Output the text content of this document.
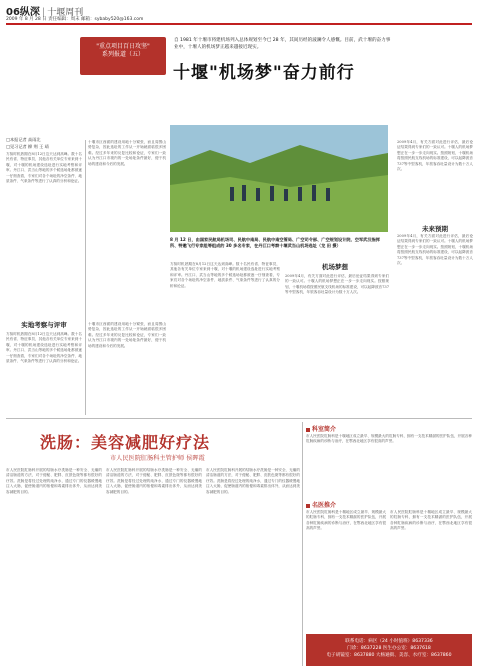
06纵深 | 十堰周刊
2009 年 8 月 28 日 责任编辑：周末 邮箱：sybaby520@163.com
"重点项目百日攻坚"
系列报道（五）
自 1981 年十堰市将建机场列入总体规划至今已 28 年，其间历经的波澜令人感慨。目前，武十堰的奋力事业中，十堰人的机场梦正越来越接近现实。
十堰"机场梦"奋力前行
□本报记者 高雨北
□见习记者 柳 荆 王 靖
方抹时机熟期在8月12日这天达到高峰。数十名民有省、特征事员，其他各有关单位专家来到十堰，对十堰的机场建设选址进行实地考察和评审。丹江口、武当山等地的多个候选场址都被逐一仔细查看，专家们对各个场址的净空条件、地质条件、气象条件等进行了认真的分析和论证。
十堰市区西面的建设用地十分紧张，而且周围山势复杂，因此选址的工作从一开始就面临很多困难。经过多年来的反复比较和论证，专家们一致认为丹江口市境内的一处场址条件最好，便于机场的建设和今后的发展。
8 月 12 日，由国家民航局机场司、民航中南局、民航中南空管局、广空司令部、广空规划设计院、空军武汉指挥所、特邀飞行专家组等组成的 30 多名专家，在丹江口考察十堰武当山机场选址（龙 田 摄）
2009年4月，有关方面对此进行评估，最后论证结果得到专家们的一致认可。十堰人的机场梦想正在一步一步走向现实。按照规划，十堰机场将按照民航支线机场的标准建设，可以起降波音737等中型客机，年旅客吞吐量设计为数十万人次。
未来预期
2009年4月，有关方面对此进行评估，最后论证结果得到专家们的一致认可。十堰人的机场梦想正在一步一步走向现实。按照规划，十堰机场将按照民航支线机场的标准建设，可以起降波音737等中型客机，年旅客吞吐量设计为数十万人次。
实地考察与评审
方抹时机熟期在8月12日这天达到高峰。数十名民有省、特征事员，其他各有关单位专家来到十堰，对十堰的机场建设选址进行实地考察和评审。丹江口、武当山等地的多个候选场址都被逐一仔细查看，专家们对各个场址的净空条件、地质条件、气象条件等进行了认真的分析和论证。
十堰市区西面的建设用地十分紧张，而且周围山势复杂，因此选址的工作从一开始就面临很多困难。经过多年来的反复比较和论证，专家们一致认为丹江口市境内的一处场址条件最好，便于机场的建设和今后的发展。
方抹时机熟期在8月12日这天达到高峰。数十名民有省、特征事员，其他各有关单位专家来到十堰，对十堰的机场建设选址进行实地考察和评审。丹江口、武当山等地的多个候选场址都被逐一仔细查看，专家们对各个场址的净空条件、地质条件、气象条件等进行了认真的分析和论证。
机场梦想
2009年4月，有关方面对此进行评估，最后论证结果得到专家们的一致认可。十堰人的机场梦想正在一步一步走向现实。按照规划，十堰机场将按照民航支线机场的标准建设，可以起降波音737等中型客机，年旅客吞吐量设计为数十万人次。
洗肠：美容减肥好疗法
市人民医院肛肠科主管护师 侯晖霞
市人民医院肛肠科开展的结肠水疗洗肠是一种安全、无痛的清洁肠道的方法，对于便秘、肥胖、皮肤色斑等都有很好的疗效。洗肠是将经过处理的纯净水，通过专门的仪器缓慢地注入大肠，促使肠道内的宿便和毒素排出体外，从而达到美容减肥的目的。
市人民医院肛肠科开展的结肠水疗洗肠是一种安全、无痛的清洁肠道的方法，对于便秘、肥胖、皮肤色斑等都有很好的疗效。洗肠是将经过处理的纯净水，通过专门的仪器缓慢地注入大肠，促使肠道内的宿便和毒素排出体外，从而达到美容减肥的目的。
市人民医院肛肠科开展的结肠水疗洗肠是一种安全、无痛的清洁肠道的方法，对于便秘、肥胖、皮肤色斑等都有很好的疗效。洗肠是将经过处理的纯净水，通过专门的仪器缓慢地注入大肠，促使肠道内的宿便和毒素排出体外，从而达到美容减肥的目的。
科室简介
市人民医院肛肠科是十堰地区成立最早、规模最大的肛肠专科，拥有一支技术精湛的医护队伍，开展各种肛肠疾病的诊断与治疗，在鄂西北地区享有很高的声誉。
名医推介
市人民医院肛肠科是十堰地区成立最早、规模最大的肛肠专科，拥有一支技术精湛的医护队伍，开展各种肛肠疾病的诊断与治疗，在鄂西北地区享有很高的声誉。
市人民医院肛肠科是十堰地区成立最早、规模最大的肛肠专科，拥有一支技术精湛的医护队伍，开展各种肛肠疾病的诊断与治疗，在鄂西北地区享有很高的声誉。
联系电话：病区（24 小时值班）8637336
门诊：8637228 医生办公室：8637618
电子胡镜室：8637880 大杨通街、美容、水疗室：8637860
